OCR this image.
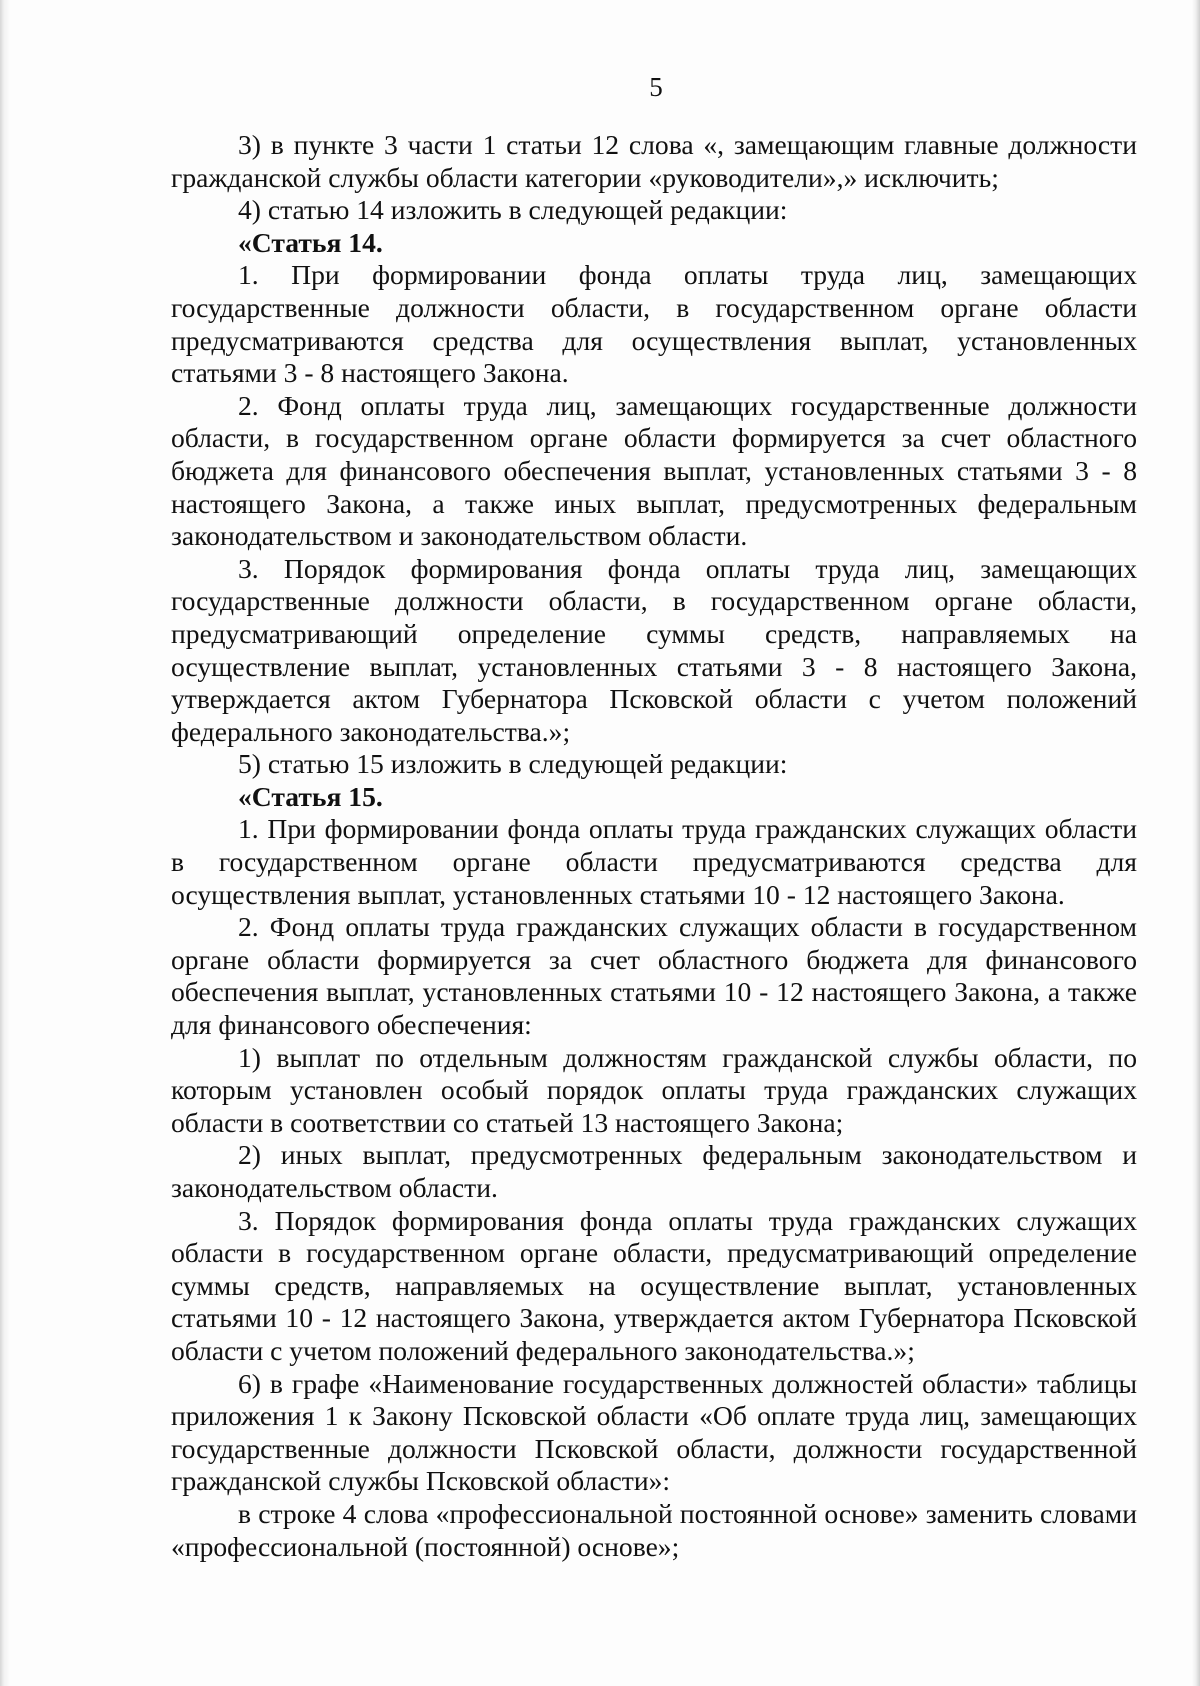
5

3) в пункте 3 части 1 статьи 12 слова «, замещающим главные должности гражданской службы области категории «руководители»,» исключить;

4) статью 14 изложить в следующей редакции:

«Статья 14.

1. При формировании фонда оплаты труда лиц, замещающих государственные должности области, в государственном органе области предусматриваются средства для осуществления выплат, установленных статьями 3 - 8 настоящего Закона.

2. Фонд оплаты труда лиц, замещающих государственные должности области, в государственном органе области формируется за счет областного бюджета для финансового обеспечения выплат, установленных статьями 3 - 8 настоящего Закона, а также иных выплат, предусмотренных федеральным законодательством и законодательством области.

3. Порядок формирования фонда оплаты труда лиц, замещающих государственные должности области, в государственном органе области, предусматривающий определение суммы средств, направляемых на осуществление выплат, установленных статьями 3 - 8 настоящего Закона, утверждается актом Губернатора Псковской области с учетом положений федерального законодательства.»;

5) статью 15 изложить в следующей редакции:

«Статья 15.

1. При формировании фонда оплаты труда гражданских служащих области в государственном органе области предусматриваются средства для осуществления выплат, установленных статьями 10 - 12 настоящего Закона.

2. Фонд оплаты труда гражданских служащих области в государственном органе области формируется за счет областного бюджета для финансового обеспечения выплат, установленных статьями 10 - 12 настоящего Закона, а также для финансового обеспечения:

1) выплат по отдельным должностям гражданской службы области, по которым установлен особый порядок оплаты труда гражданских служащих области в соответствии со статьей 13 настоящего Закона;

2) иных выплат, предусмотренных федеральным законодательством и законодательством области.

3. Порядок формирования фонда оплаты труда гражданских служащих области в государственном органе области, предусматривающий определение суммы средств, направляемых на осуществление выплат, установленных статьями 10 - 12 настоящего Закона, утверждается актом Губернатора Псковской области с учетом положений федерального законодательства.»;

6) в графе «Наименование государственных должностей области» таблицы приложения 1 к Закону Псковской области «Об оплате труда лиц, замещающих государственные должности Псковской области, должности государственной гражданской службы Псковской области»:

в строке 4 слова «профессиональной постоянной основе» заменить словами «профессиональной (постоянной) основе»;
